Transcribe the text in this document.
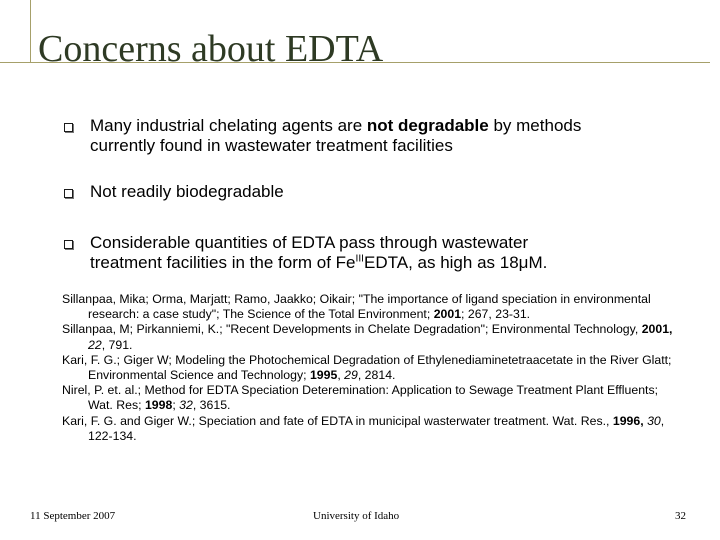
Concerns about EDTA
Many industrial chelating agents are not degradable by methods
currently found in wastewater treatment facilities
Not readily biodegradable
Considerable quantities of EDTA pass through wastewater
treatment facilities in the form of $Fe^{III}EDTA$, as high as 18μM.
Sillanpaa, Mika; Orma, Marjatt; Ramo, Jaakko; Oikair; "The importance of ligand speciation in environmental research: a case study"; The Science of the Total Environment; 2001; 267, 23-31.
Sillanpaa, M; Pirkanniemi, K.; "Recent Developments in Chelate Degradation"; Environmental Technology, 2001, 22, 791.
Kari, F. G.; Giger W; Modeling the Photochemical Degradation of Ethylenediaminetetraacetate in the River Glatt; Environmental Science and Technology; 1995, 29, 2814.
Nirel, P. et. al.; Method for EDTA Speciation Deteremination: Application to Sewage Treatment Plant Effluents; Wat. Res; 1998; 32, 3615.
Kari, F. G. and Giger W.; Speciation and fate of EDTA in municipal wasterwater treatment. Wat. Res., 1996, 30, 122-134.
11 September 2007	University of Idaho	32
